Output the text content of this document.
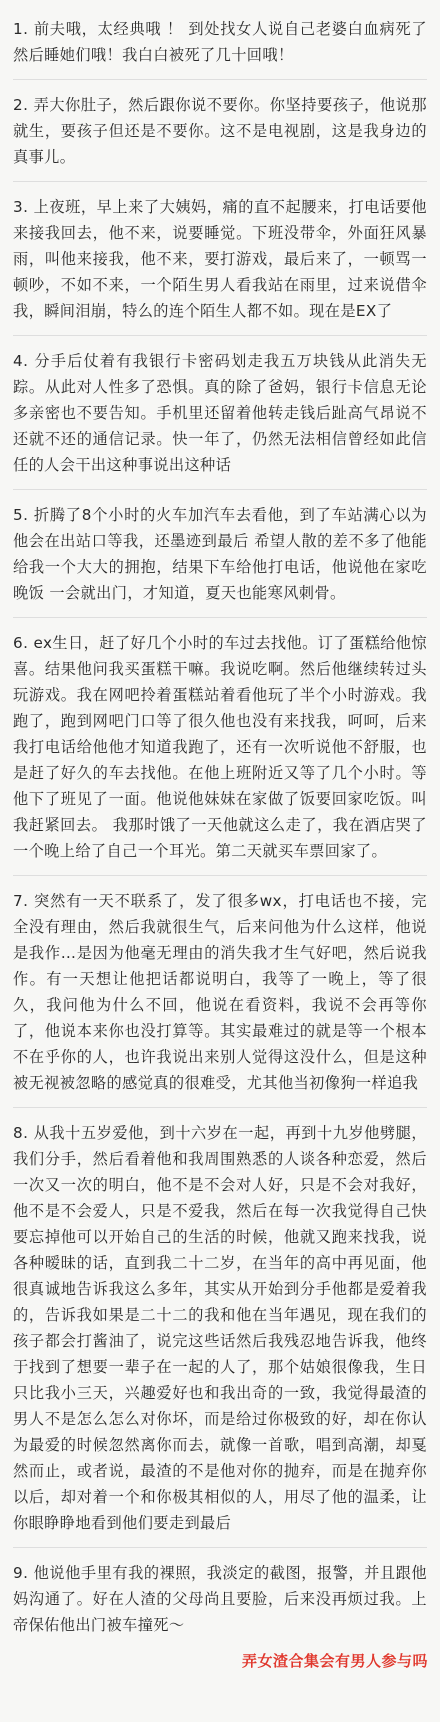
1. 前夫哦，太经典哦 ！ 到处找女人说自己老婆白血病死了然后睡她们哦！我白白被死了几十回哦！

2. 弄大你肚子，然后跟你说不要你。你坚持要孩子，他说那就生，要孩子但还是不要你。这不是电视剧，这是我身边的真事儿。

3. 上夜班，早上来了大姨妈，痛的直不起腰来，打电话要他来接我回去，他不来，说要睡觉。下班没带伞，外面狂风暴雨，叫他来接我，他不来，要打游戏，最后来了，一顿骂一顿吵，不如不来，一个陌生男人看我站在雨里，过来说借伞我，瞬间泪崩，特么的连个陌生人都不如。现在是EX了

4. 分手后仗着有我银行卡密码划走我五万块钱从此消失无踪。从此对人性多了恐惧。真的除了爸妈，银行卡信息无论多亲密也不要告知。手机里还留着他转走钱后趾高气昂说不还就不还的通信记录。快一年了，仍然无法相信曾经如此信任的人会干出这种事说出这种话

5. 折腾了8个小时的火车加汽车去看他，到了车站满心以为他会在出站口等我，还墨迹到最后 希望人散的差不多了他能给我一个大大的拥抱，结果下车给他打电话，他说他在家吃晚饭 一会就出门，才知道，夏天也能寒风刺骨。

6. ex生日，赶了好几个小时的车过去找他。订了蛋糕给他惊喜。结果他问我买蛋糕干嘛。我说吃啊。然后他继续转过头玩游戏。我在网吧拎着蛋糕站着看他玩了半个小时游戏。我跑了，跑到网吧门口等了很久他也没有来找我，呵呵，后来我打电话给他他才知道我跑了，还有一次听说他不舒服，也是赶了好久的车去找他。在他上班附近又等了几个小时。等他下了班见了一面。他说他妹妹在家做了饭要回家吃饭。叫我赶紧回去。 我那时饿了一天他就这么走了，我在酒店哭了一个晚上给了自己一个耳光。第二天就买车票回家了。

7. 突然有一天不联系了，发了很多wx，打电话也不接，完全没有理由，然后我就很生气，后来问他为什么这样，他说是我作…是因为他毫无理由的消失我才生气好吧，然后说我作。有一天想让他把话都说明白，我等了一晚上，等了很久，我问他为什么不回，他说在看资料，我说不会再等你了，他说本来你也没打算等。其实最难过的就是等一个根本不在乎你的人，也许我说出来别人觉得这没什么，但是这种被无视被忽略的感觉真的很难受，尤其他当初像狗一样追我

8. 从我十五岁爱他，到十六岁在一起，再到十九岁他劈腿，我们分手，然后看着他和我周围熟悉的人谈各种恋爱，然后一次又一次的明白，他不是不会对人好，只是不会对我好，他不是不会爱人，只是不爱我，然后在每一次我觉得自己快要忘掉他可以开始自己的生活的时候，他就又跑来找我，说各种暧昧的话，直到我二十二岁，在当年的高中再见面，他很真诚地告诉我这么多年，其实从开始到分手他都是爱着我的，告诉我如果是二十二的我和他在当年遇见，现在我们的孩子都会打酱油了，说完这些话然后我残忍地告诉我，他终于找到了想要一辈子在一起的人了，那个姑娘很像我，生日只比我小三天，兴趣爱好也和我出奇的一致，我觉得最渣的男人不是怎么怎么对你坏，而是给过你极致的好，却在你认为最爱的时候忽然离你而去，就像一首歌，唱到高潮，却戛然而止，或者说，最渣的不是他对你的抛弃，而是在抛弃你以后，却对着一个和你极其相似的人，用尽了他的温柔，让你眼睁睁地看到他们要走到最后

9. 他说他手里有我的裸照，我淡定的截图，报警，并且跟他妈沟通了。好在人渣的父母尚且要脸，后来没再烦过我。上帝保佑他出门被车撞死～

弄女渣合集会有男人参与吗
